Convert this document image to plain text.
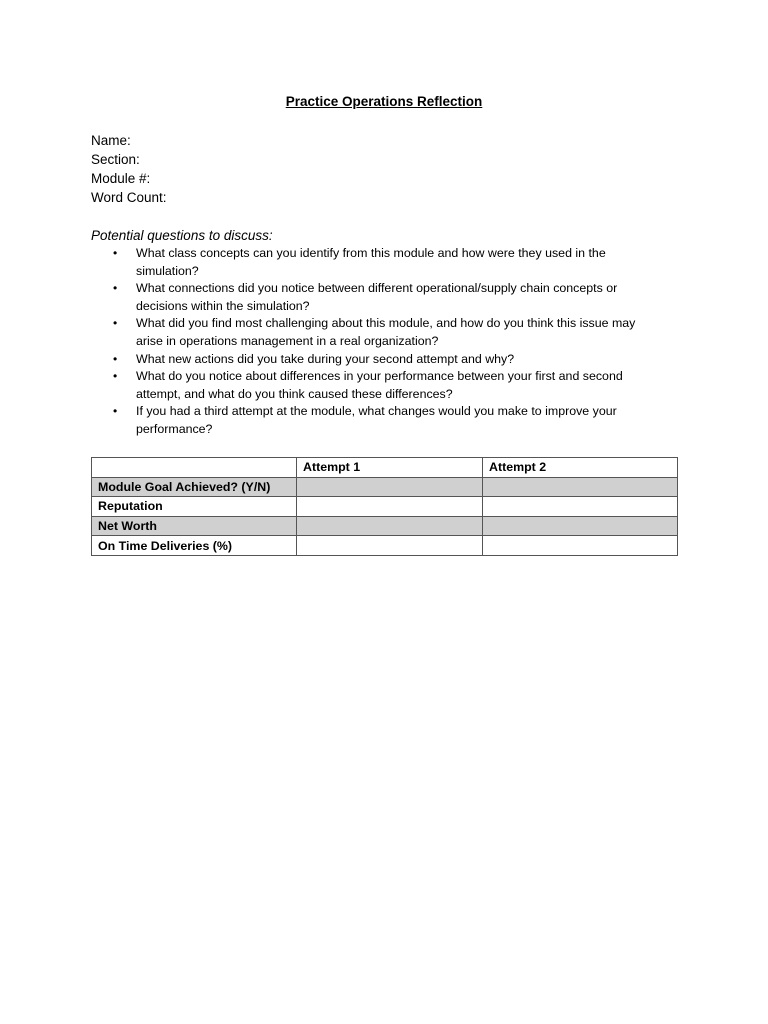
Practice Operations Reflection
Name:
Section:
Module #:
Word Count:
Potential questions to discuss:
• What class concepts can you identify from this module and how were they used in the simulation?
• What connections did you notice between different operational/supply chain concepts or decisions within the simulation?
• What did you find most challenging about this module, and how do you think this issue may arise in operations management in a real organization?
• What new actions did you take during your second attempt and why?
• What do you notice about differences in your performance between your first and second attempt, and what do you think caused these differences?
• If you had a third attempt at the module, what changes would you make to improve your performance?
	Attempt 1	Attempt 2
Module Goal Achieved? (Y/N)		
Reputation		
Net Worth		
On Time Deliveries (%)		
